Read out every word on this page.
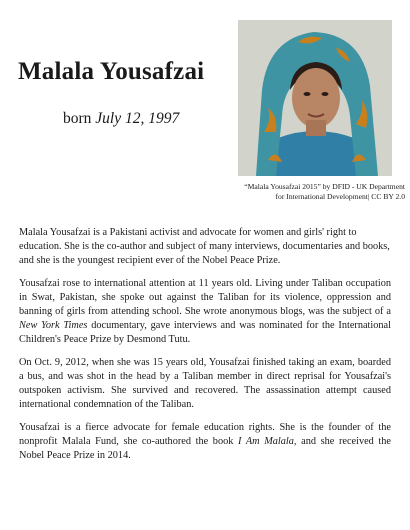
Malala Yousafzai
born July 12, 1997
“Malala Yousafzai 2015” by DFID - UK Department
for International Development| CC BY 2.0

Malala Yousafzai is a Pakistani activist and advocate for women and girls' right to education. She is the co-author and subject of many interviews, documentaries and books, and she is the youngest recipient ever of the Nobel Peace Prize.

Yousafzai rose to international attention at 11 years old. Living under Taliban occupation in Swat, Pakistan, she spoke out against the Taliban for its violence, oppression and banning of girls from attending school. She wrote anonymous blogs, was the subject of a New York Times documentary, gave interviews and was nominated for the International Children's Peace Prize by Desmond Tutu.

On Oct. 9, 2012, when she was 15 years old, Yousafzai finished taking an exam, boarded a bus, and was shot in the head by a Taliban member in direct reprisal for Yousafzai's outspoken activism. She survived and recovered. The assassination attempt caused international condemnation of the Taliban.

Yousafzai is a fierce advocate for female education rights. She is the founder of the nonprofit Malala Fund, she co-authored the book I Am Malala, and she received the Nobel Peace Prize in 2014.
